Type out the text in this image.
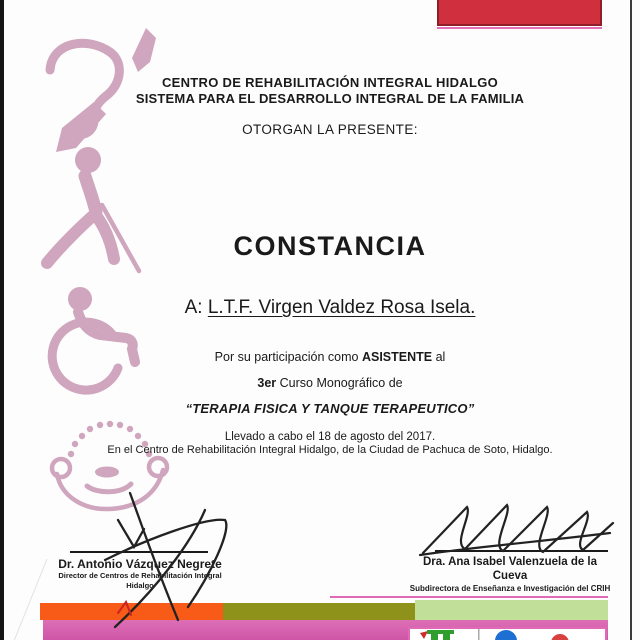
CENTRO DE REHABILITACIÓN INTEGRAL HIDALGO
SISTEMA PARA EL DESARROLLO INTEGRAL DE LA FAMILIA
OTORGAN LA PRESENTE:
CONSTANCIA
A: L.T.F. Virgen Valdez Rosa Isela.
Por su participación como ASISTENTE al
3er Curso Monográfico de
“TERAPIA FISICA Y TANQUE TERAPEUTICO”
Llevado a cabo el 18 de agosto del 2017.
En el Centro de Rehabilitación Integral Hidalgo, de la Ciudad de Pachuca de Soto, Hidalgo.
Dr. Antonio Vázquez Negrete
Director de Centros de Rehabilitación Integral
Hidalgo
Dra. Ana Isabel Valenzuela de la Cueva
Subdirectora de Enseñanza e Investigación del CRIH
